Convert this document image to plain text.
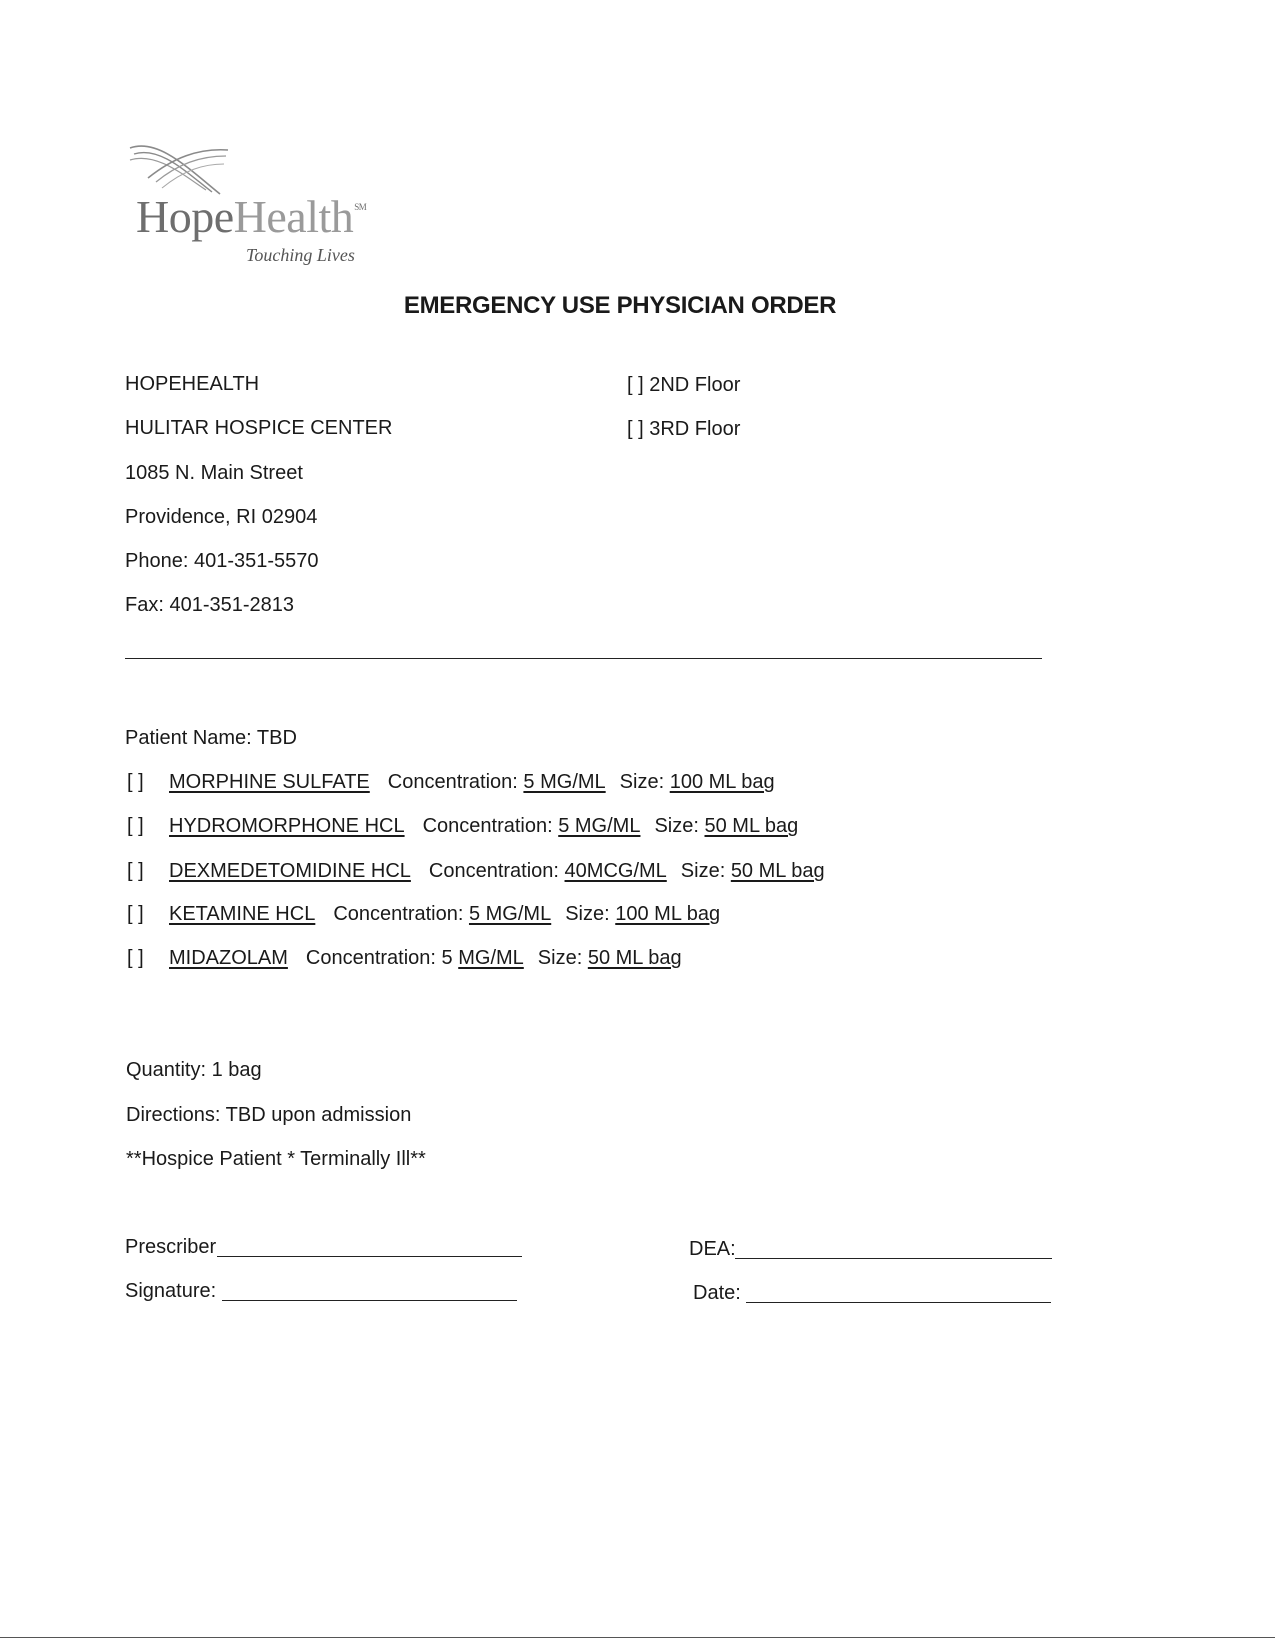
HopeHealth℠
Touching Lives
EMERGENCY USE PHYSICIAN ORDER
HOPEHEALTH
HULITAR HOSPICE CENTER
1085 N. Main Street
Providence, RI 02904
Phone: 401-351-5570
Fax: 401-351-2813
[ ] 2ND Floor
[ ] 3RD Floor
Patient Name: TBD
[ ] MORPHINE SULFATE Concentration: 5 MG/ML Size: 100 ML bag
[ ] HYDROMORPHONE HCL Concentration: 5 MG/ML Size: 50 ML bag
[ ] DEXMEDETOMIDINE HCL Concentration: 40MCG/ML Size: 50 ML bag
[ ] KETAMINE HCL Concentration: 5 MG/ML Size: 100 ML bag
[ ] MIDAZOLAM Concentration: 5 MG/ML Size: 50 ML bag
Quantity: 1 bag
Directions: TBD upon admission
**Hospice Patient * Terminally Ill**
Prescriber
Signature:
DEA:
Date:
